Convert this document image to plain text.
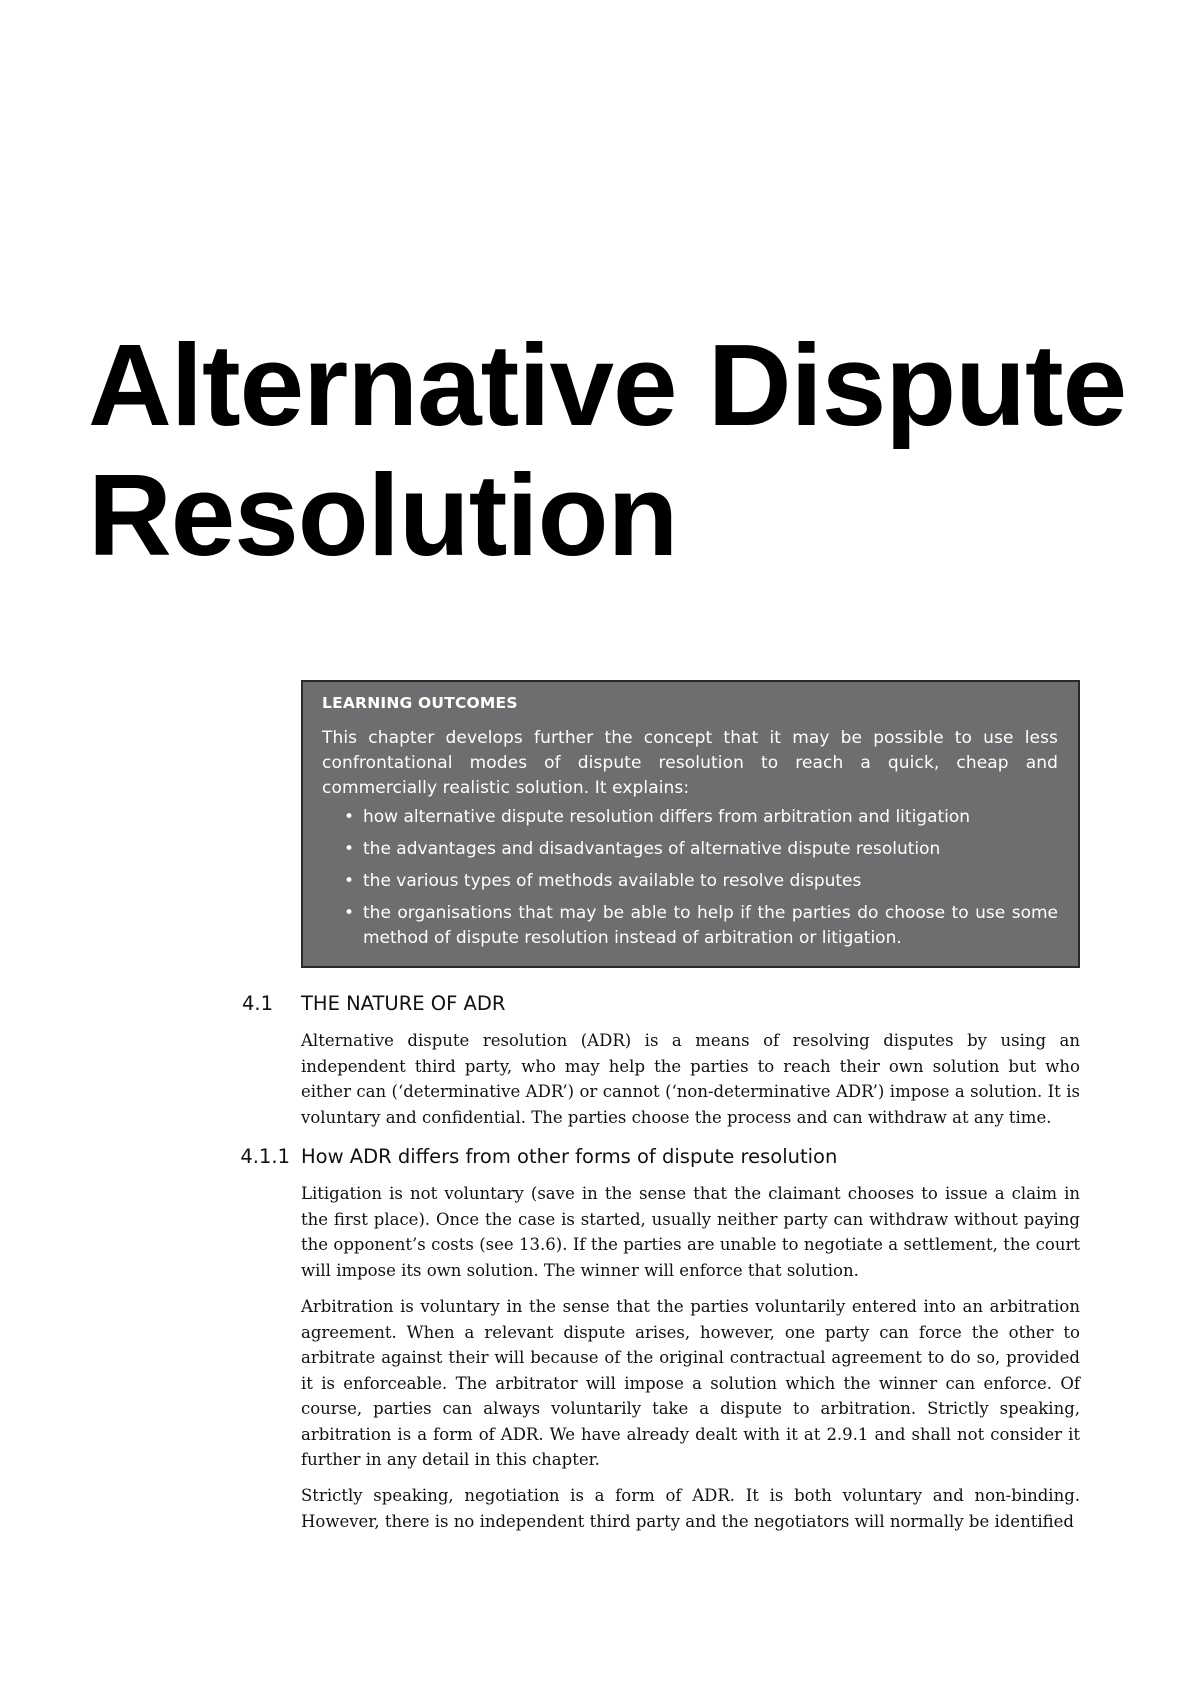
Alternative Dispute
Resolution
LEARNING OUTCOMES

This chapter develops further the concept that it may be possible to use less confrontational modes of dispute resolution to reach a quick, cheap and commercially realistic solution. It explains:

• how alternative dispute resolution differs from arbitration and litigation
• the advantages and disadvantages of alternative dispute resolution
• the various types of methods available to resolve disputes
• the organisations that may be able to help if the parties do choose to use some method of dispute resolution instead of arbitration or litigation.
4.1 THE NATURE OF ADR

Alternative dispute resolution (ADR) is a means of resolving disputes by using an independent third party, who may help the parties to reach their own solution but who either can (‘determinative ADR’) or cannot (‘non-determinative ADR’) impose a solution. It is voluntary and confidential. The parties choose the process and can withdraw at any time.

4.1.1 How ADR differs from other forms of dispute resolution

Litigation is not voluntary (save in the sense that the claimant chooses to issue a claim in the first place). Once the case is started, usually neither party can withdraw without paying the opponent’s costs (see 13.6). If the parties are unable to negotiate a settlement, the court will impose its own solution. The winner will enforce that solution.

Arbitration is voluntary in the sense that the parties voluntarily entered into an arbitration agreement. When a relevant dispute arises, however, one party can force the other to arbitrate against their will because of the original contractual agreement to do so, provided it is enforceable. The arbitrator will impose a solution which the winner can enforce. Of course, parties can always voluntarily take a dispute to arbitration. Strictly speaking, arbitration is a form of ADR. We have already dealt with it at 2.9.1 and shall not consider it further in any detail in this chapter.

Strictly speaking, negotiation is a form of ADR. It is both voluntary and non-binding. However, there is no independent third party and the negotiators will normally be identified
